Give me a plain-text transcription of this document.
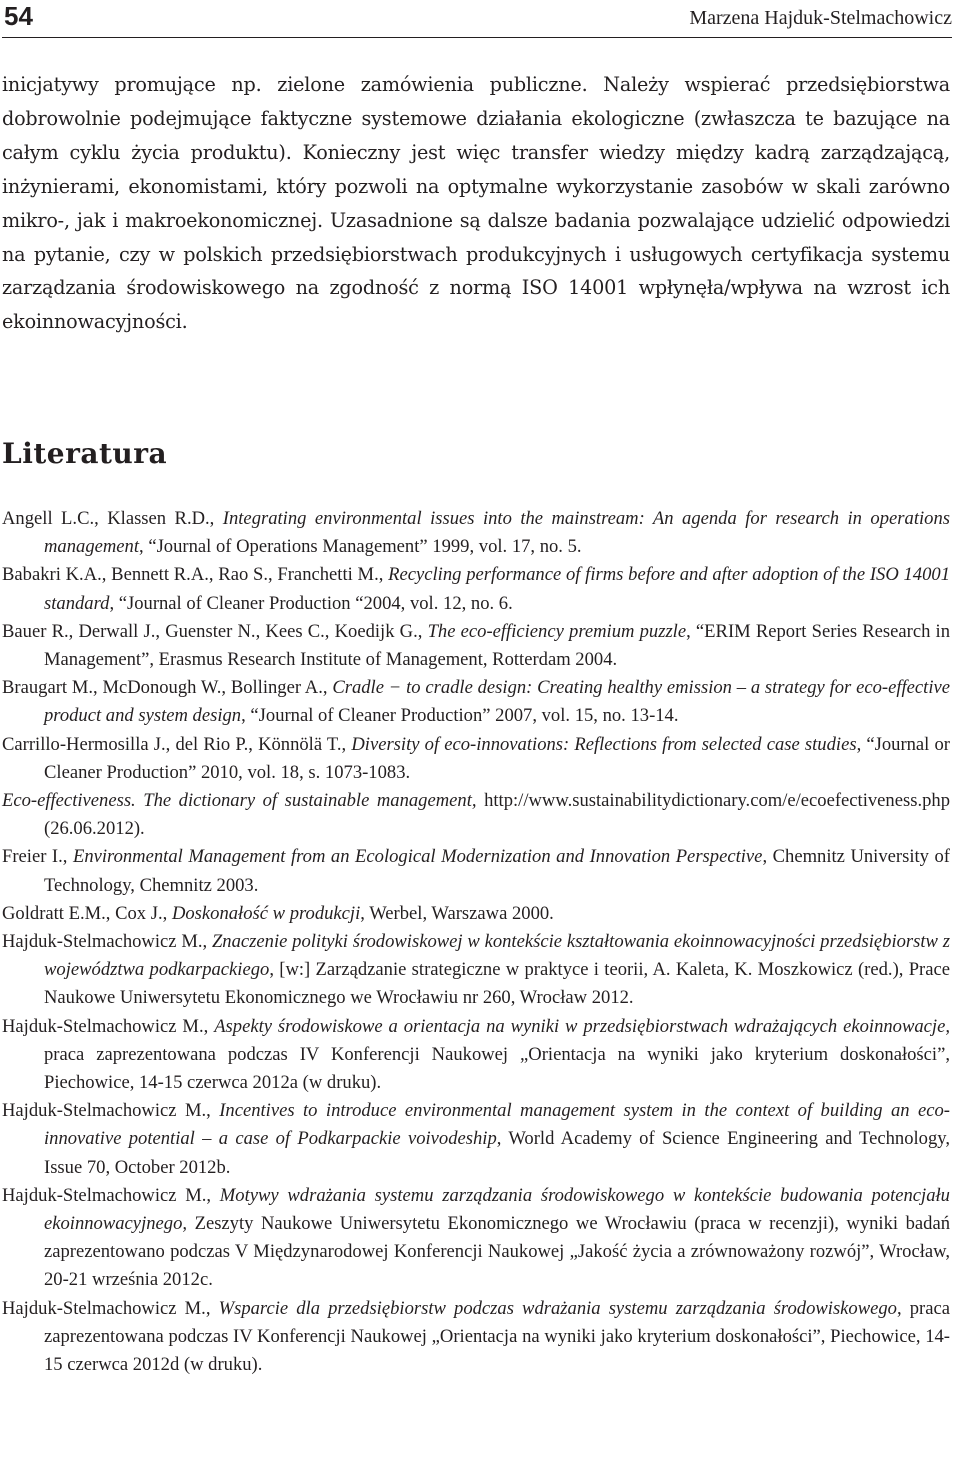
54	Marzena Hajduk-Stelmachowicz

inicjatywy promujące np. zielone zamówienia publiczne. Należy wspierać przedsiębiorstwa dobrowolnie podejmujące faktyczne systemowe działania ekologiczne (zwłaszcza te bazujące na całym cyklu życia produktu). Konieczny jest więc transfer wiedzy między kadrą zarządzającą, inżynierami, ekonomistami, który pozwoli na optymalne wykorzystanie zasobów w skali zarówno mikro-, jak i makroekonomicznej. Uzasadnione są dalsze badania pozwalające udzielić odpowiedzi na pytanie, czy w polskich przedsiębiorstwach produkcyjnych i usługowych certyfikacja systemu zarządzania środowiskowego na zgodność z normą ISO 14001 wpłynęła/wpływa na wzrost ich ekoinnowacyjności.

Literatura
Angell L.C., Klassen R.D., Integrating environmental issues into the mainstream: An agenda for research in operations management, “Journal of Operations Management” 1999, vol. 17, no. 5.
Babakri K.A., Bennett R.A., Rao S., Franchetti M., Recycling performance of firms before and after adoption of the ISO 14001 standard, “Journal of Cleaner Production “2004, vol. 12, no. 6.
Bauer R., Derwall J., Guenster N., Kees C., Koedijk G., The eco-efficiency premium puzzle, “ERIM Report Series Research in Management”, Erasmus Research Institute of Management, Rotterdam 2004.
Braugart M., McDonough W., Bollinger A., Cradle − to cradle design: Creating healthy emission – a strategy for eco-effective product and system design, “Journal of Cleaner Production” 2007, vol. 15, no. 13-14.
Carrillo-Hermosilla J., del Rio P., Könnölä T., Diversity of eco-innovations: Reflections from selected case studies, “Journal or Cleaner Production” 2010, vol. 18, s. 1073-1083.
Eco-effectiveness. The dictionary of sustainable management, http://www.sustainabilitydictionary.com/e/ecoefectiveness.php (26.06.2012).
Freier I., Environmental Management from an Ecological Modernization and Innovation Perspective, Chemnitz University of Technology, Chemnitz 2003.
Goldratt E.M., Cox J., Doskonałość w produkcji, Werbel, Warszawa 2000.
Hajduk-Stelmachowicz M., Znaczenie polityki środowiskowej w kontekście kształtowania ekoinnowacyjności przedsiębiorstw z województwa podkarpackiego, [w:] Zarządzanie strategiczne w praktyce i teorii, A. Kaleta, K. Moszkowicz (red.), Prace Naukowe Uniwersytetu Ekonomicznego we Wrocławiu nr 260, Wrocław 2012.
Hajduk-Stelmachowicz M., Aspekty środowiskowe a orientacja na wyniki w przedsiębiorstwach wdrażających ekoinnowacje, praca zaprezentowana podczas IV Konferencji Naukowej „Orientacja na wyniki jako kryterium doskonałości”, Piechowice, 14-15 czerwca 2012a (w druku).
Hajduk-Stelmachowicz M., Incentives to introduce environmental management system in the context of building an eco-innovative potential – a case of Podkarpackie voivodeship, World Academy of Science Engineering and Technology, Issue 70, October 2012b.
Hajduk-Stelmachowicz M., Motywy wdrażania systemu zarządzania środowiskowego w kontekście budowania potencjału ekoinnowacyjnego, Zeszyty Naukowe Uniwersytetu Ekonomicznego we Wrocławiu (praca w recenzji), wyniki badań zaprezentowano podczas V Międzynarodowej Konferencji Naukowej „Jakość życia a zrównoważony rozwój”, Wrocław, 20-21 września 2012c.
Hajduk-Stelmachowicz M., Wsparcie dla przedsiębiorstw podczas wdrażania systemu zarządzania środowiskowego, praca zaprezentowana podczas IV Konferencji Naukowej „Orientacja na wyniki jako kryterium doskonałości”, Piechowice, 14-15 czerwca 2012d (w druku).
